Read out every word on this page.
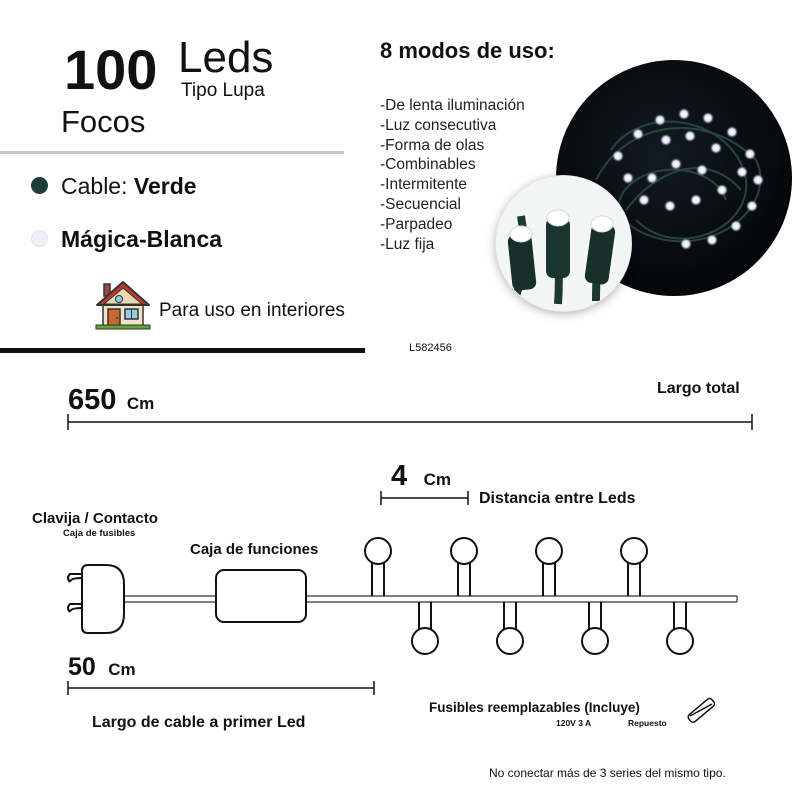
100 Leds
Tipo Lupa
Focos
Cable: Verde
Mágica-Blanca
Para uso en interiores
8 modos de uso:
-De lenta iluminación
-Luz consecutiva
-Forma de olas
-Combinables
-Intermitente
-Secuencial
-Parpadeo
-Luz fija
L582456
650 Cm
Largo total
4 Cm
Distancia entre Leds
Clavija / Contacto
Caja de fusibles
Caja de funciones
50 Cm
Largo de cable a primer Led
Fusibles reemplazables (Incluye)
120V 3 A	Repuesto
No conectar más de 3 series del mismo tipo.
